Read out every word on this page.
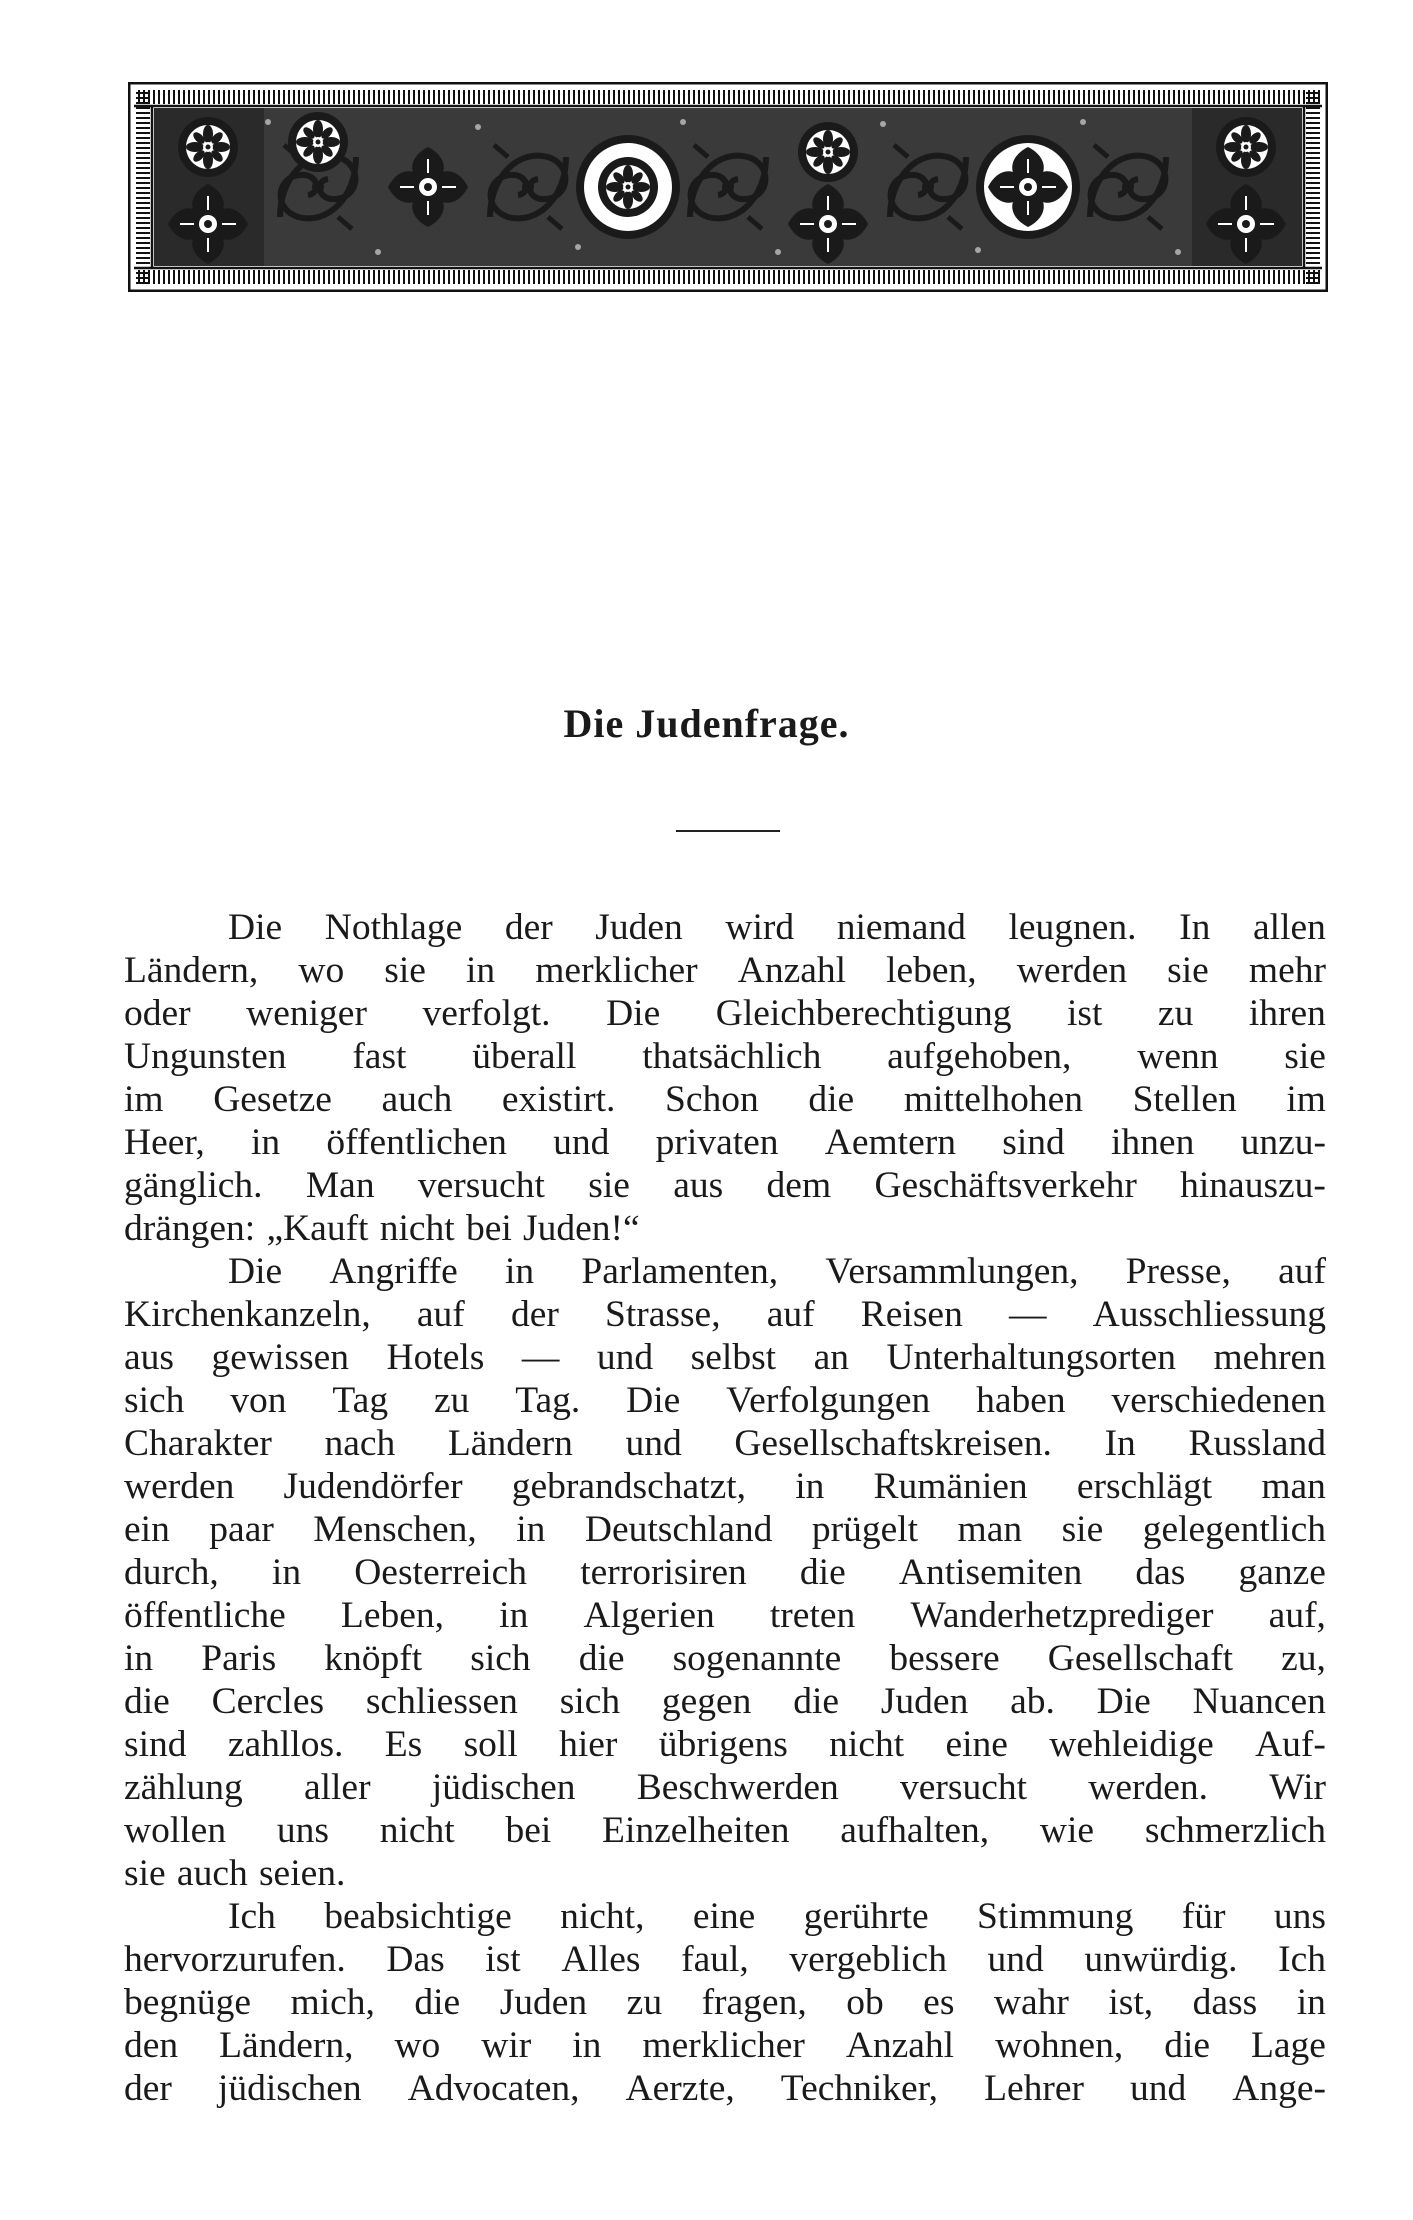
Die Judenfrage.
Die Nothlage der Juden wird niemand leugnen. In allen
Ländern, wo sie in merklicher Anzahl leben, werden sie mehr
oder weniger verfolgt. Die Gleichberechtigung ist zu ihren
Ungunsten fast überall thatsächlich aufgehoben, wenn sie
im Gesetze auch existirt. Schon die mittelhohen Stellen im
Heer, in öffentlichen und privaten Aemtern sind ihnen unzu-
gänglich. Man versucht sie aus dem Geschäftsverkehr hinauszu-
drängen: „Kauft nicht bei Juden!“
Die Angriffe in Parlamenten, Versammlungen, Presse, auf
Kirchenkanzeln, auf der Strasse, auf Reisen — Ausschliessung
aus gewissen Hotels — und selbst an Unterhaltungsorten mehren
sich von Tag zu Tag. Die Verfolgungen haben verschiedenen
Charakter nach Ländern und Gesellschaftskreisen. In Russland
werden Judendörfer gebrandschatzt, in Rumänien erschlägt man
ein paar Menschen, in Deutschland prügelt man sie gelegentlich
durch, in Oesterreich terrorisiren die Antisemiten das ganze
öffentliche Leben, in Algerien treten Wanderhetzprediger auf,
in Paris knöpft sich die sogenannte bessere Gesellschaft zu,
die Cercles schliessen sich gegen die Juden ab. Die Nuancen
sind zahllos. Es soll hier übrigens nicht eine wehleidige Auf-
zählung aller jüdischen Beschwerden versucht werden. Wir
wollen uns nicht bei Einzelheiten aufhalten, wie schmerzlich
sie auch seien.
Ich beabsichtige nicht, eine gerührte Stimmung für uns
hervorzurufen. Das ist Alles faul, vergeblich und unwürdig. Ich
begnüge mich, die Juden zu fragen, ob es wahr ist, dass in
den Ländern, wo wir in merklicher Anzahl wohnen, die Lage
der jüdischen Advocaten, Aerzte, Techniker, Lehrer und Ange-
